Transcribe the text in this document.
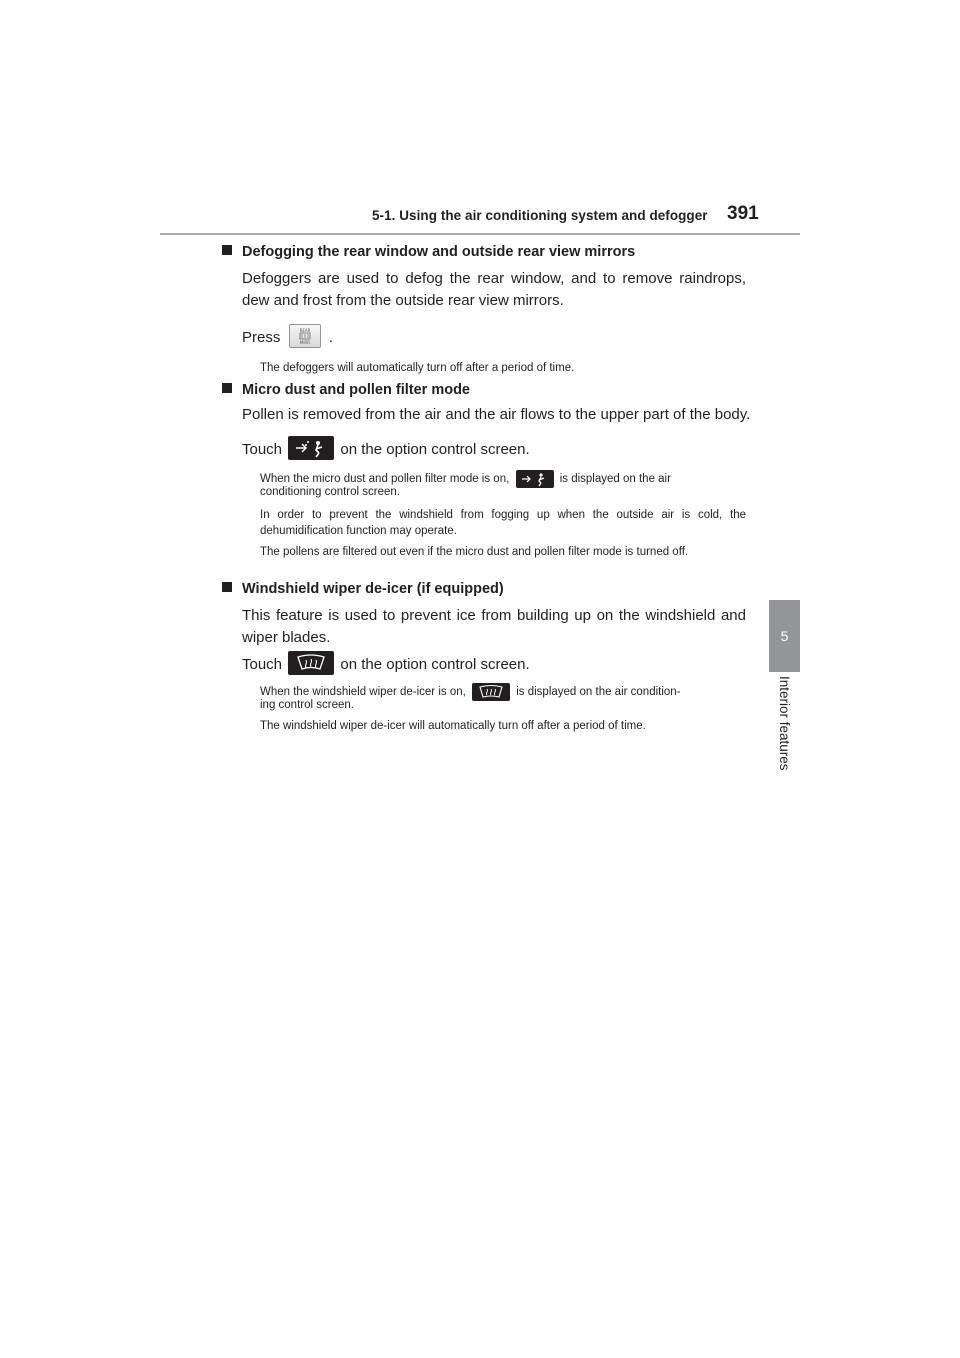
5-1. Using the air conditioning system and defogger 391
5
Interior features
Defogging the rear window and outside rear view mirrors
Defoggers are used to defog the rear window, and to remove raindrops, dew and frost from the outside rear view mirrors.
Press	REAR
MIRR .
The defoggers will automatically turn off after a period of time.
Micro dust and pollen filter mode
Pollen is removed from the air and the air flows to the upper part of the body.
Touch	on the option control screen.
When the micro dust and pollen filter mode is on,	is displayed on the air
conditioning control screen.
In order to prevent the windshield from fogging up when the outside air is cold, the dehumidification function may operate.
The pollens are filtered out even if the micro dust and pollen filter mode is turned off.
Windshield wiper de-icer (if equipped)
This feature is used to prevent ice from building up on the windshield and wiper blades.
Touch	on the option control screen.
When the windshield wiper de-icer is on,	is displayed on the air condition-
ing control screen.
The windshield wiper de-icer will automatically turn off after a period of time.
